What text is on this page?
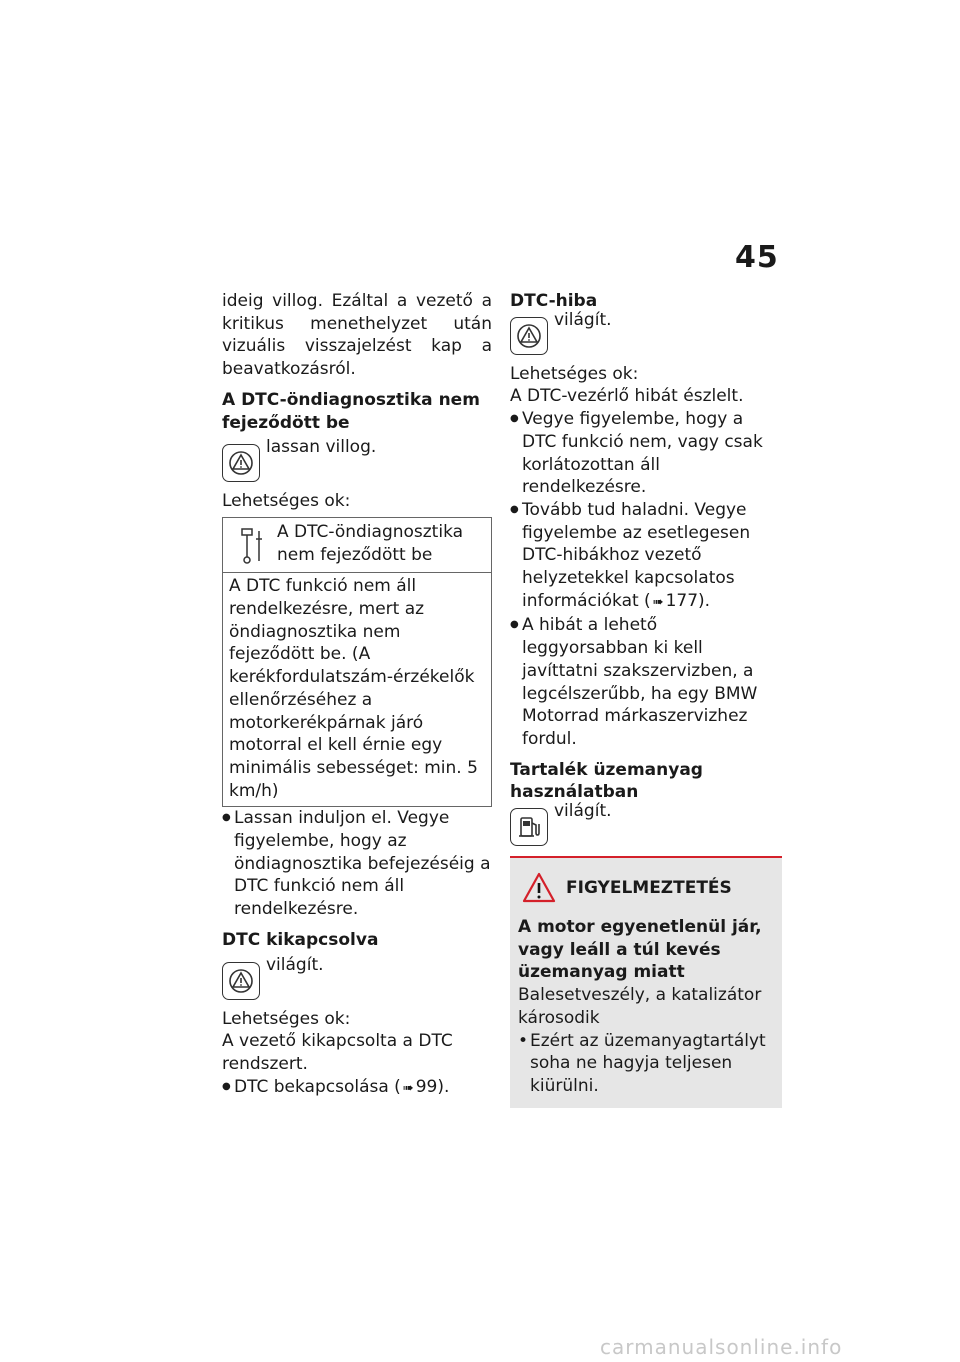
45

ideig villog. Ezáltal a vezető a kritikus menethelyzet után vizuális visszajelzést kap a beavatkozásról.

A DTC-öndiagnosztika nem fejeződött be

lassan villog.

Lehetséges ok:

A DTC-öndiagnosztika nem fejeződött be
A DTC funkció nem áll rendelkezésre, mert az öndiagnosztika nem fejeződött be. (A kerékfordulatszám-érzékelők ellenőrzéséhez a motorkerékpárnak járó motorral el kell érnie egy minimális sebességet: min. 5 km/h)
● Lassan induljon el. Vegye figyelembe, hogy az öndiagnosztika befejezéséig a DTC funkció nem áll rendelkezésre.

DTC kikapcsolva

világít.

Lehetséges ok:

A vezető kikapcsolta a DTC rendszert.

● DTC bekapcsolása ( ➠ 99).

DTC-hiba

világít.

Lehetséges ok:

A DTC-vezérlő hibát észlelt.

● Vegye figyelembe, hogy a DTC funkció nem, vagy csak korlátozottan áll rendelkezésre.
● Tovább tud haladni. Vegye figyelembe az esetlegesen DTC-hibákhoz vezető helyzetekkel kapcsolatos információkat ( ➠ 177).
● A hibát a lehető leggyorsabban ki kell javíttatni szakszervizben, a legcélszerűbb, ha egy BMW Motorrad márkaszervizhez fordul.

Tartalék üzemanyag használatban

világít.
FIGYELMEZTETÉS

A motor egyenetlenül jár, vagy leáll a túl kevés üzemanyag miatt

Balesetveszély, a katalizátor károsodik

• Ezért az üzemanyagtartályt soha ne hagyja teljesen kiürülni.
carmanualsonline.info
